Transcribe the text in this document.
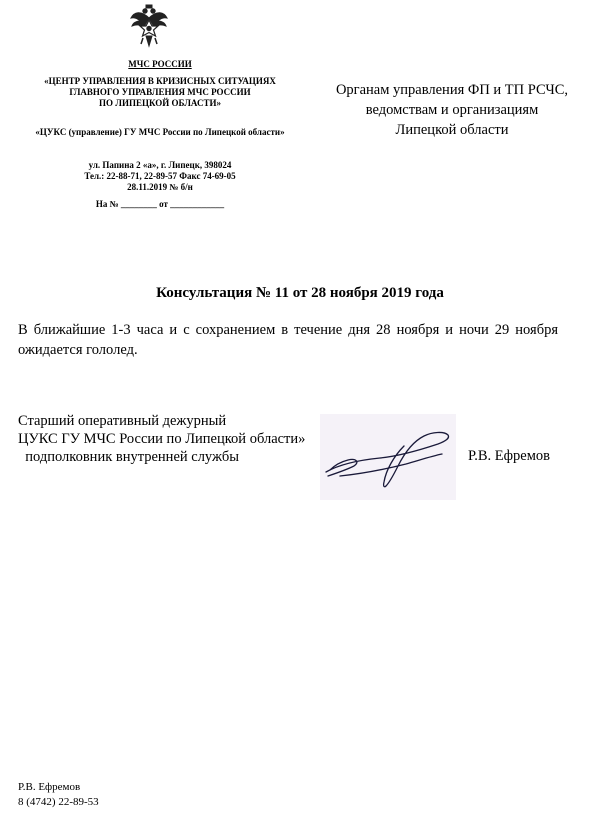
МЧС РОССИИ
«ЦЕНТР УПРАВЛЕНИЯ В КРИЗИСНЫХ СИТУАЦИЯХ
ГЛАВНОГО УПРАВЛЕНИЯ МЧС РОССИИ
ПО ЛИПЕЦКОЙ ОБЛАСТИ»
«ЦУКС (управление) ГУ МЧС России по Липецкой области»
ул. Папина 2 «а», г. Липецк, 398024
Тел.: 22-88-71, 22-89-57 Факс 74-69-05
28.11.2019 № б/н
На № ________ от ____________
Органам управления ФП и ТП РСЧС,
ведомствам и организациям
Липецкой области
Консультация № 11 от 28 ноября 2019 года
В ближайшие 1-3 часа и с сохранением в течение дня 28 ноября и ночи 29 ноября ожидается гололед.
Старший оперативный дежурный
ЦУКС ГУ МЧС России по Липецкой области»
подполковник внутренней службы	Р.В. Ефремов
Р.В. Ефремов
8 (4742) 22-89-53
